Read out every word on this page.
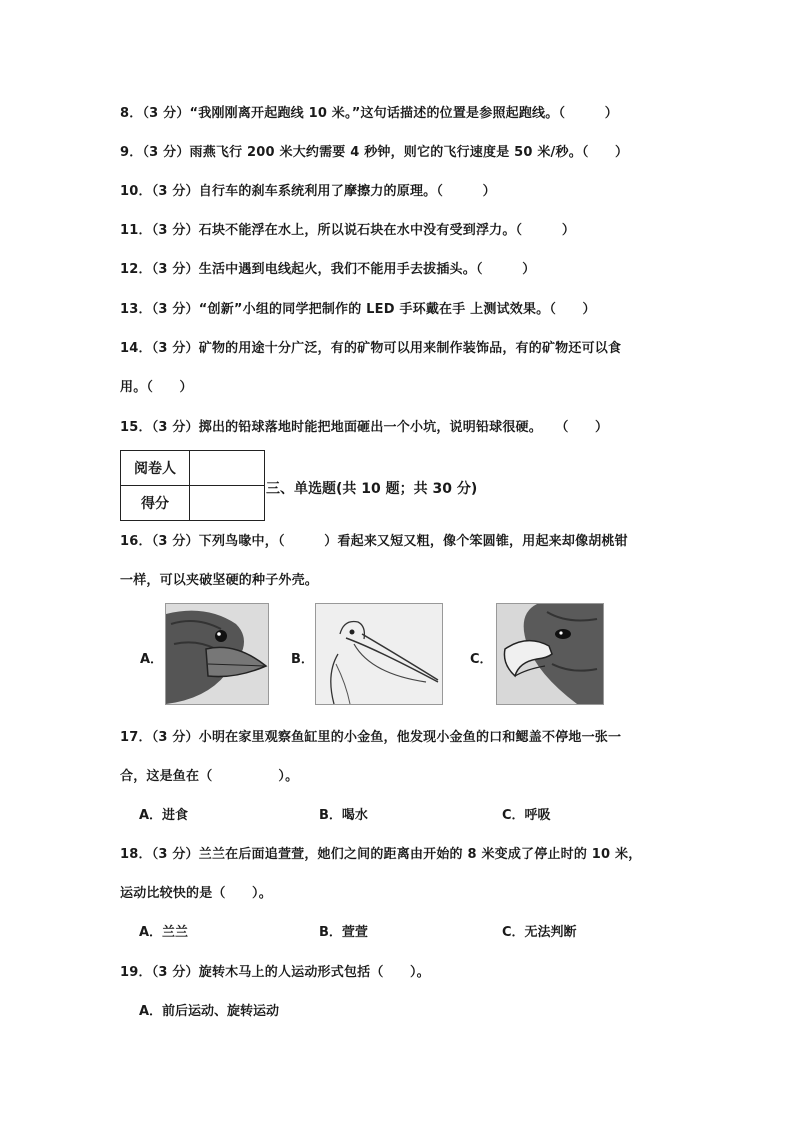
8．（3 分）“我刚刚离开起跑线 10 米。”这句话描述的位置是参照起跑线。（　　　）
9．（3 分）雨燕飞行 200 米大约需要 4 秒钟，则它的飞行速度是 50 米/秒。（　　）
10．（3 分）自行车的刹车系统利用了摩擦力的原理。（　　　）
11．（3 分）石块不能浮在水上，所以说石块在水中没有受到浮力。（　　　）
12．（3 分）生活中遇到电线起火，我们不能用手去拔插头。（　　　）
13．（3 分）“创新”小组的同学把制作的 LED 手环戴在手 上测试效果。（　　）
14．（3 分）矿物的用途十分广泛，有的矿物可以用来制作装饰品，有的矿物还可以食
用。（　　）
15．（3 分）掷出的铅球落地时能把地面砸出一个小坑，说明铅球很硬。　　（　　）
阅卷人	
得分	
三、单选题(共 10 题；共 30 分)
16．（3 分）下列鸟喙中，（　　　）看起来又短又粗，像个笨圆锥，用起来却像胡桃钳
一样，可以夹破坚硬的种子外壳。
A．	B．	C．
17．（3 分）小明在家里观察鱼缸里的小金鱼，他发现小金鱼的口和鳃盖不停地一张一
合，这是鱼在（　　　　　）。
A．进食	B．喝水	C．呼吸
18．（3 分）兰兰在后面追萱萱，她们之间的距离由开始的 8 米变成了停止时的 10 米，
运动比较快的是（　　）。
A．兰兰	B．萱萱	C．无法判断
19．（3 分）旋转木马上的人运动形式包括（　　）。
A．前后运动、旋转运动
